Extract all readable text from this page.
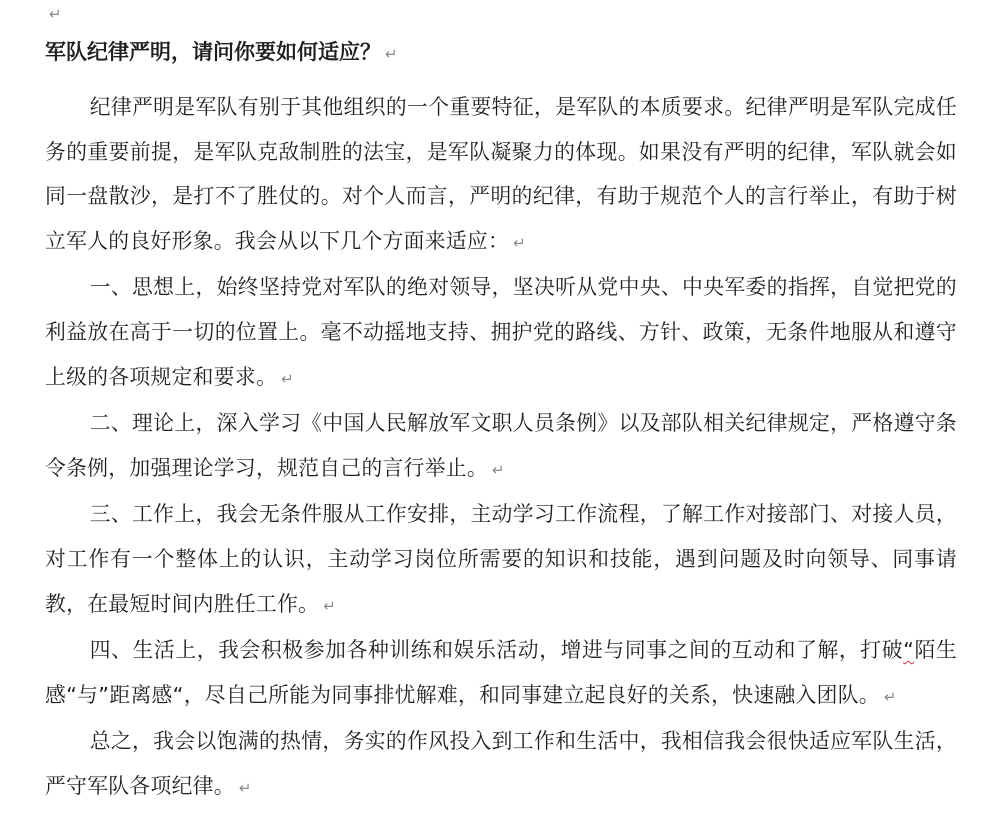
↵
军队纪律严明，请问你要如何适应？ ↵

纪律严明是军队有别于其他组织的一个重要特征，是军队的本质要求。纪律严明是军队完成任务的重要前提，是军队克敌制胜的法宝，是军队凝聚力的体现。如果没有严明的纪律，军队就会如同一盘散沙，是打不了胜仗的。对个人而言，严明的纪律，有助于规范个人的言行举止，有助于树立军人的良好形象。我会从以下几个方面来适应： ↵

一、思想上，始终坚持党对军队的绝对领导，坚决听从党中央、中央军委的指挥，自觉把党的利益放在高于一切的位置上。毫不动摇地支持、拥护党的路线、方针、政策，无条件地服从和遵守上级的各项规定和要求。 ↵

二、理论上，深入学习《中国人民解放军文职人员条例》以及部队相关纪律规定，严格遵守条令条例，加强理论学习，规范自己的言行举止。 ↵

三、工作上，我会无条件服从工作安排，主动学习工作流程，了解工作对接部门、对接人员，对工作有一个整体上的认识，主动学习岗位所需要的知识和技能，遇到问题及时向领导、同事请教，在最短时间内胜任工作。 ↵

四、生活上，我会积极参加各种训练和娱乐活动，增进与同事之间的互动和了解，打破“陌生感“与”距离感“，尽自己所能为同事排忧解难，和同事建立起良好的关系，快速融入团队。 ↵

总之，我会以饱满的热情，务实的作风投入到工作和生活中，我相信我会很快适应军队生活，严守军队各项纪律。 ↵
